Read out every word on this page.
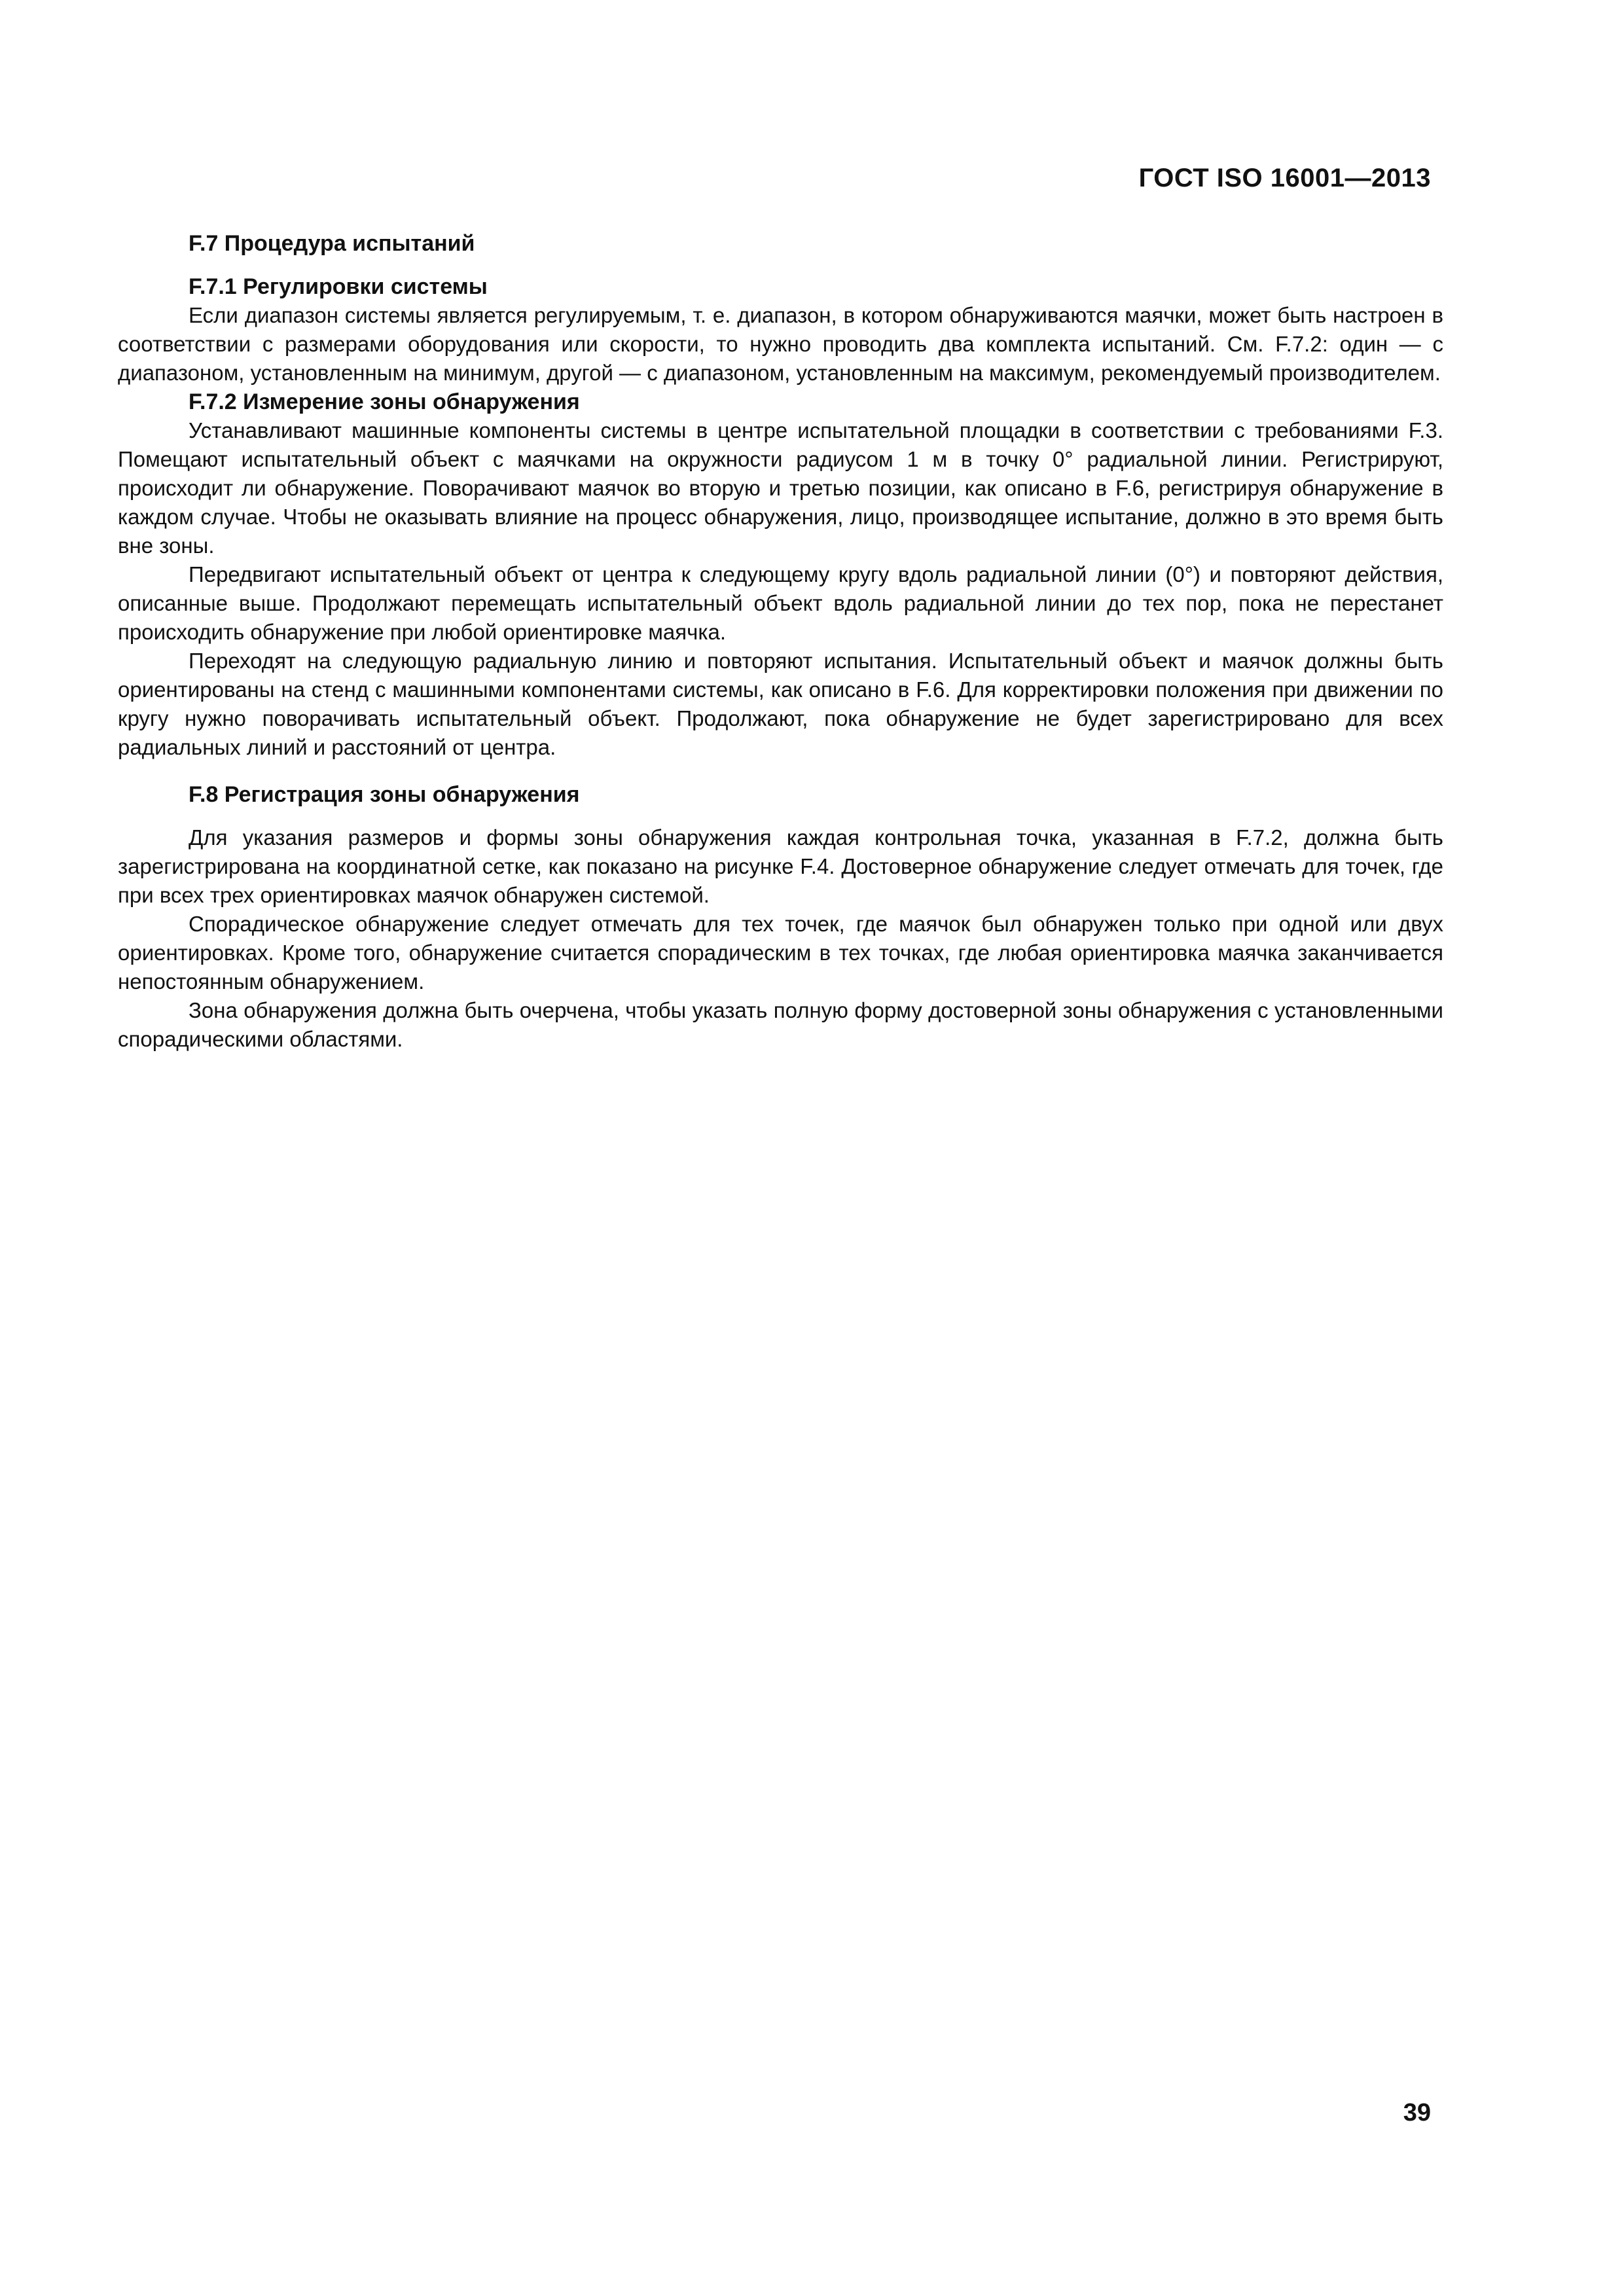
ГОСТ ISO 16001—2013
F.7 Процедура испытаний
F.7.1 Регулировки системы

Если диапазон системы является регулируемым, т. е. диапазон, в котором обнаруживаются маячки, может быть настроен в соответствии с размерами оборудования или скорости, то нужно проводить два комплекта испытаний. См. F.7.2: один — с диапазоном, установленным на минимум, другой — с диапазоном, установленным на максимум, рекомендуемый производителем.

F.7.2 Измерение зоны обнаружения

Устанавливают машинные компоненты системы в центре испытательной площадки в соответствии с требованиями F.3. Помещают испытательный объект с маячками на окружности радиусом 1 м в точку 0° радиальной линии. Регистрируют, происходит ли обнаружение. Поворачивают маячок во вторую и третью позиции, как описано в F.6, регистрируя обнаружение в каждом случае. Чтобы не оказывать влияние на процесс обнаружения, лицо, производящее испытание, должно в это время быть вне зоны.

Передвигают испытательный объект от центра к следующему кругу вдоль радиальной линии (0°) и повторяют действия, описанные выше. Продолжают перемещать испытательный объект вдоль радиальной линии до тех пор, пока не перестанет происходить обнаружение при любой ориентировке маячка.

Переходят на следующую радиальную линию и повторяют испытания. Испытательный объект и маячок должны быть ориентированы на стенд с машинными компонентами системы, как описано в F.6. Для корректировки положения при движении по кругу нужно поворачивать испытательный объект. Продолжают, пока обнаружение не будет зарегистрировано для всех радиальных линий и расстояний от центра.

F.8 Регистрация зоны обнаружения

Для указания размеров и формы зоны обнаружения каждая контрольная точка, указанная в F.7.2, должна быть зарегистрирована на координатной сетке, как показано на рисунке F.4. Достоверное обнаружение следует отмечать для точек, где при всех трех ориентировках маячок обнаружен системой.

Спорадическое обнаружение следует отмечать для тех точек, где маячок был обнаружен только при одной или двух ориентировках. Кроме того, обнаружение считается спорадическим в тех точках, где любая ориентировка маячка заканчивается непостоянным обнаружением.

Зона обнаружения должна быть очерчена, чтобы указать полную форму достоверной зоны обнаружения с установленными спорадическими областями.

39
